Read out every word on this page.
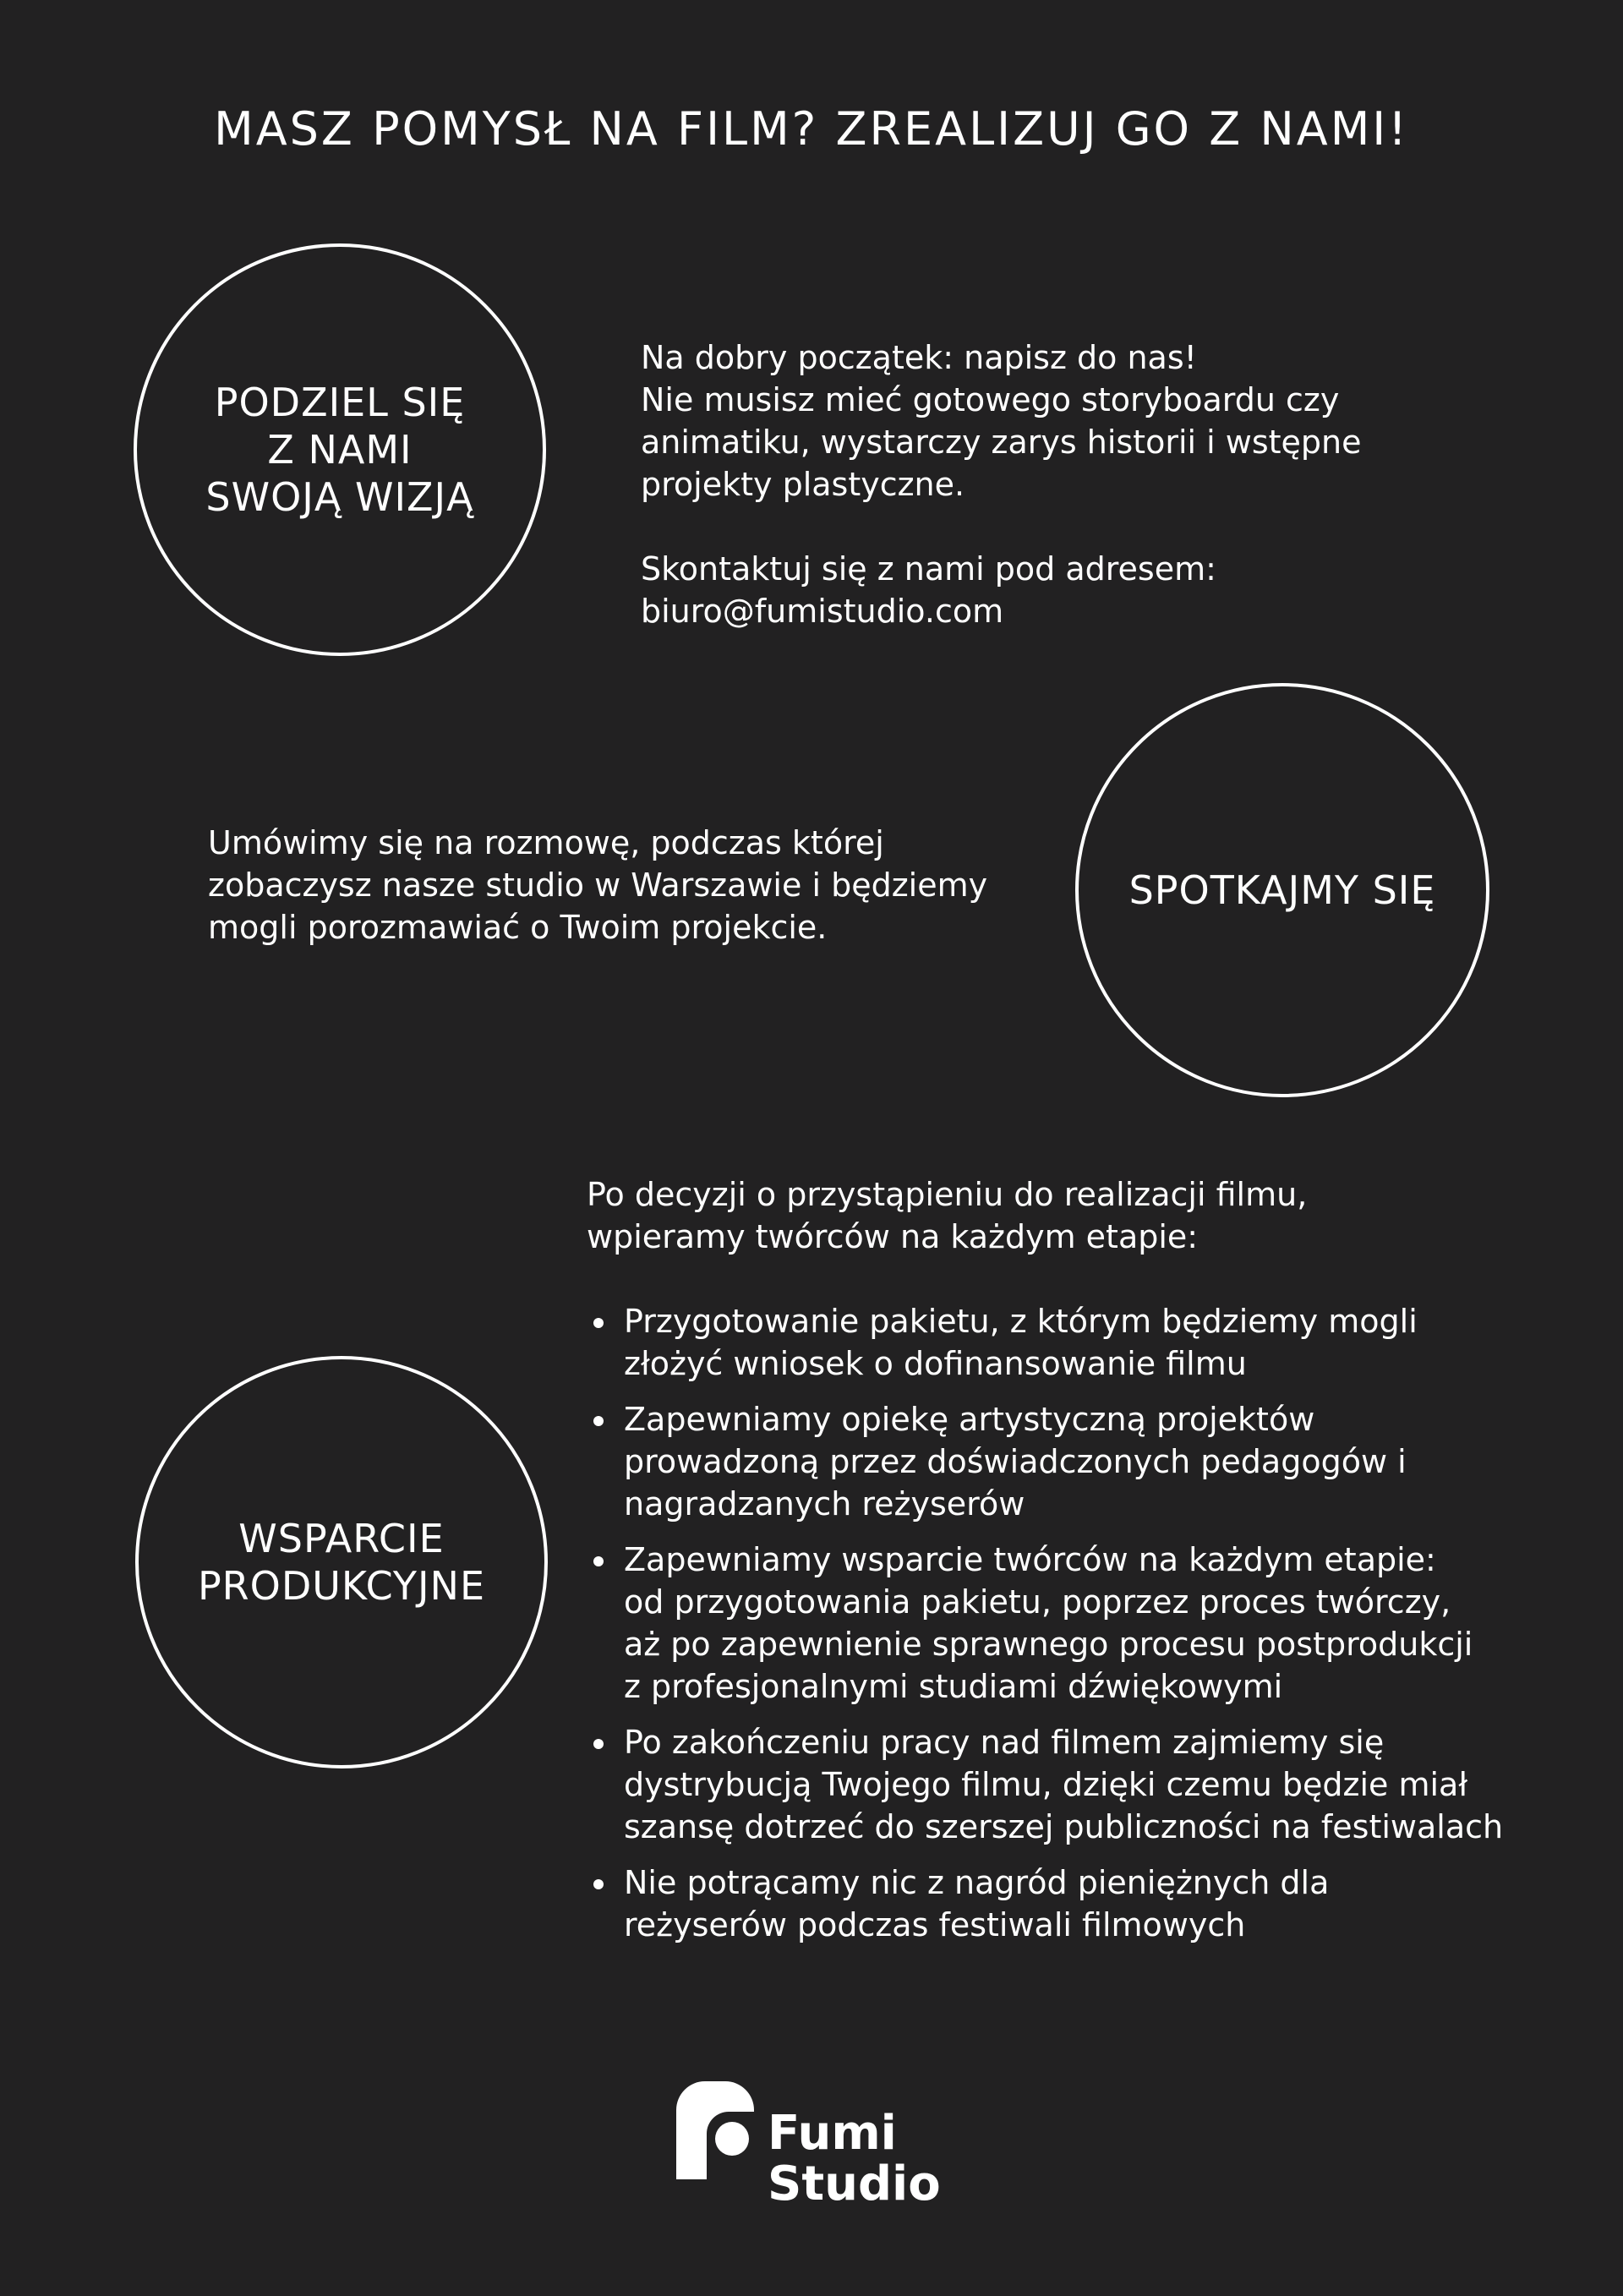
MASZ POMYSŁ NA FILM? ZREALIZUJ GO Z NAMI!
PODZIEL SIĘ
Z NAMI
SWOJĄ WIZJĄ

Na dobry początek: napisz do nas!
Nie musisz mieć gotowego storyboardu czy
animatiku, wystarczy zarys historii i wstępne
projekty plastyczne.

Skontaktuj się z nami pod adresem:
biuro@fumistudio.com

Umówimy się na rozmowę, podczas której
zobaczysz nasze studio w Warszawie i będziemy
mogli porozmawiać o Twoim projekcie.

SPOTKAJMY SIĘ
WSPARCIE
PRODUKCYJNE

Po decyzji o przystąpieniu do realizacji filmu,
wpieramy twórców na każdym etapie:

Przygotowanie pakietu, z którym będziemy mogli
złożyć wniosek o dofinansowanie filmu
Zapewniamy opiekę artystyczną projektów
prowadzoną przez doświadczonych pedagogów i
nagradzanych reżyserów
Zapewniamy wsparcie twórców na każdym etapie:
od przygotowania pakietu, poprzez proces twórczy,
aż po zapewnienie sprawnego procesu postprodukcji
z profesjonalnymi studiami dźwiękowymi
Po zakończeniu pracy nad filmem zajmiemy się
dystrybucją Twojego filmu, dzięki czemu będzie miał
szansę dotrzeć do szerszej publiczności na festiwalach
Nie potrącamy nic z nagród pieniężnych dla
reżyserów podczas festiwali filmowych
Fumi
Studio
